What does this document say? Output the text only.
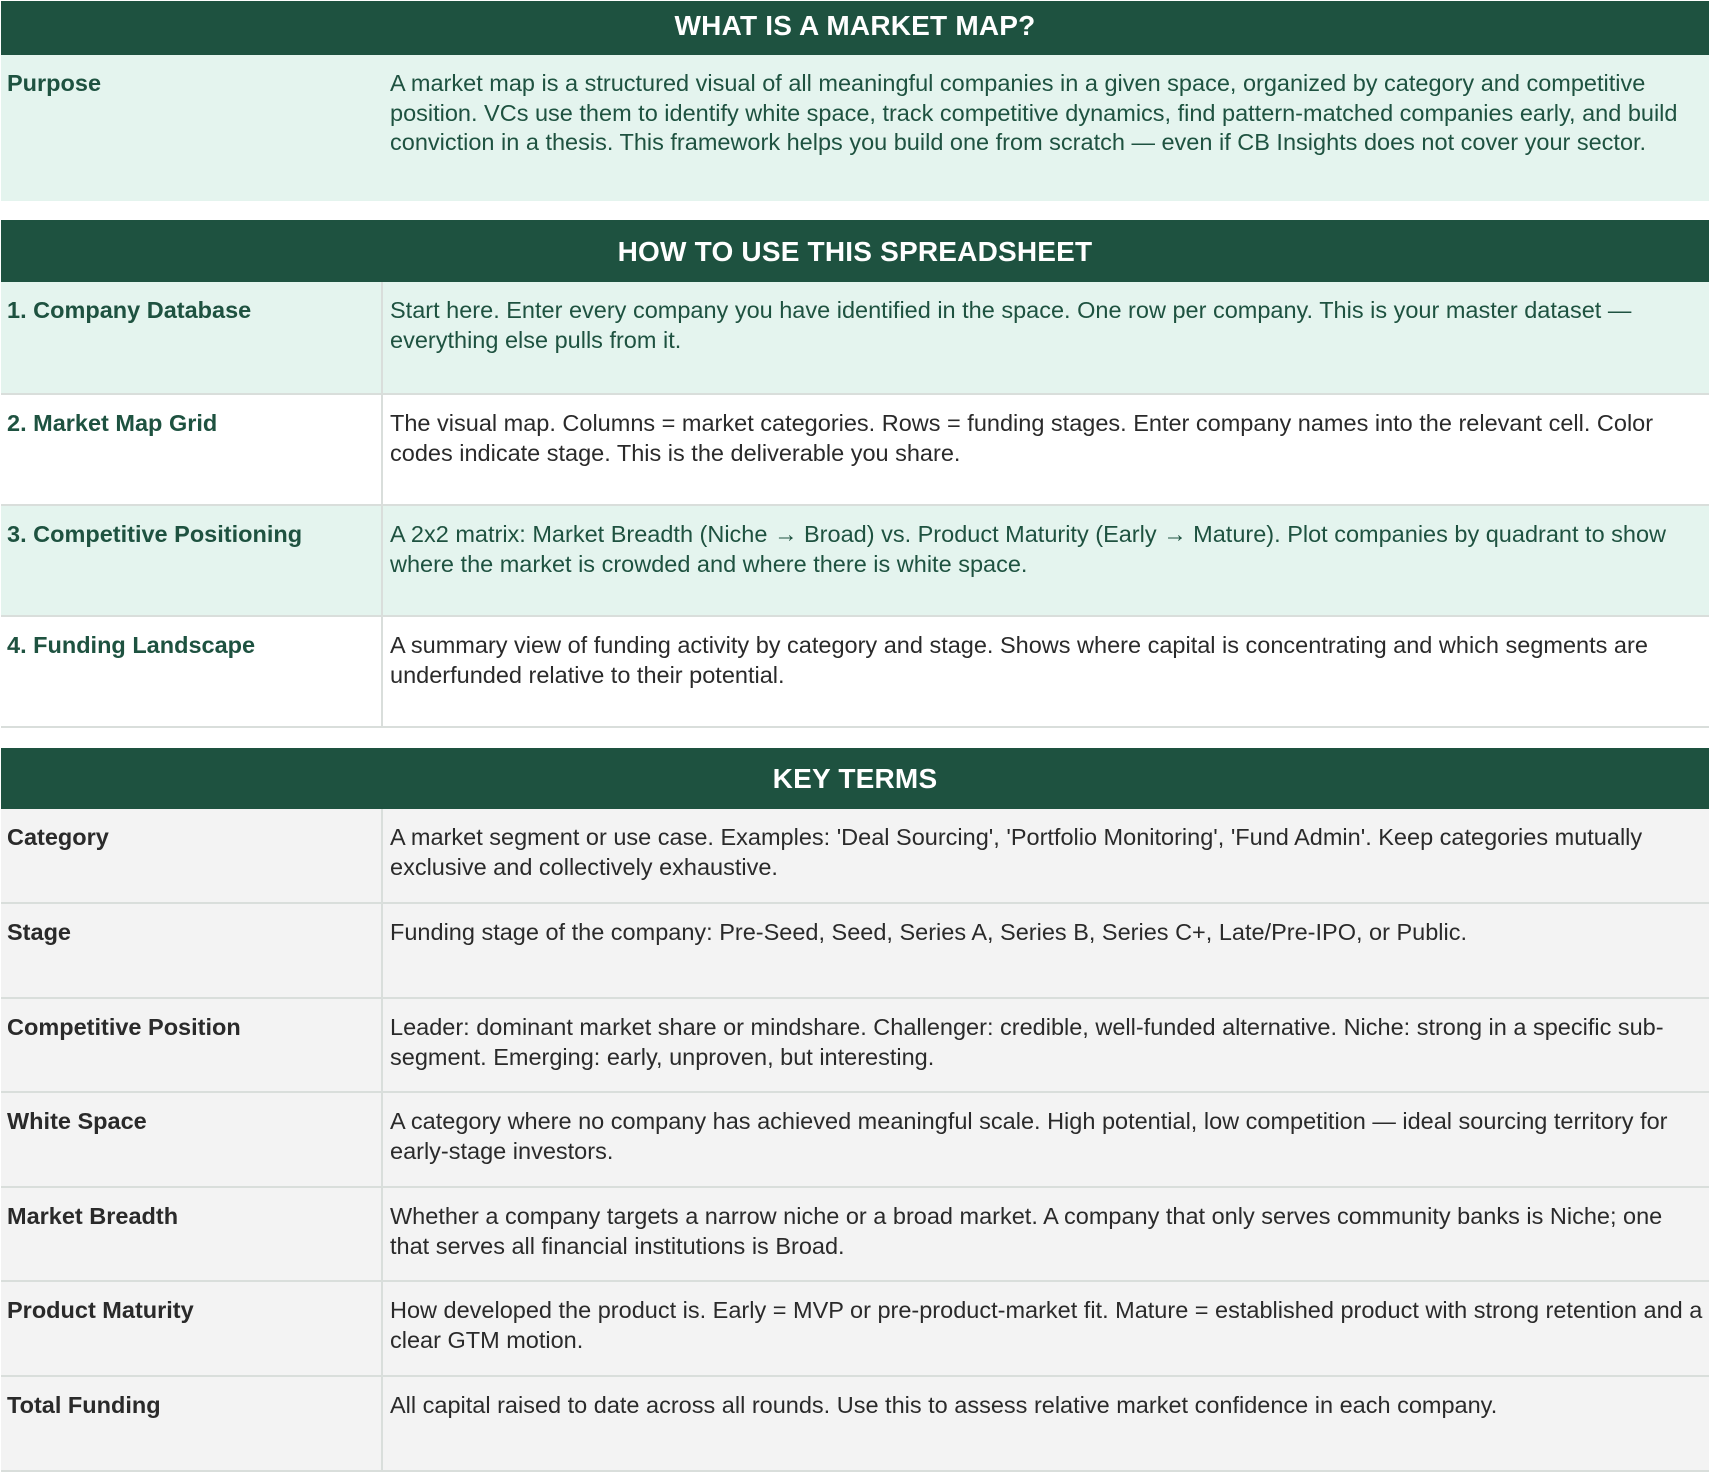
WHAT IS A MARKET MAP?
Purpose	A market map is a structured visual of all meaningful companies in a given space, organized by category and competitive position. VCs use them to identify white space, track competitive dynamics, find pattern-matched companies early, and build conviction in a thesis. This framework helps you build one from scratch — even if CB Insights does not cover your sector.
HOW TO USE THIS SPREADSHEET
1. Company Database	Start here. Enter every company you have identified in the space. One row per company. This is your master dataset — everything else pulls from it.
2. Market Map Grid	The visual map. Columns = market categories. Rows = funding stages. Enter company names into the relevant cell. Color codes indicate stage. This is the deliverable you share.
3. Competitive Positioning	A 2x2 matrix: Market Breadth (Niche → Broad) vs. Product Maturity (Early → Mature). Plot companies by quadrant to show where the market is crowded and where there is white space.
4. Funding Landscape	A summary view of funding activity by category and stage. Shows where capital is concentrating and which segments are underfunded relative to their potential.
KEY TERMS
Category	A market segment or use case. Examples: 'Deal Sourcing', 'Portfolio Monitoring', 'Fund Admin'. Keep categories mutually exclusive and collectively exhaustive.
Stage	Funding stage of the company: Pre-Seed, Seed, Series A, Series B, Series C+, Late/Pre-IPO, or Public.
Competitive Position	Leader: dominant market share or mindshare. Challenger: credible, well-funded alternative. Niche: strong in a specific sub-segment. Emerging: early, unproven, but interesting.
White Space	A category where no company has achieved meaningful scale. High potential, low competition — ideal sourcing territory for early-stage investors.
Market Breadth	Whether a company targets a narrow niche or a broad market. A company that only serves community banks is Niche; one that serves all financial institutions is Broad.
Product Maturity	How developed the product is. Early = MVP or pre-product-market fit. Mature = established product with strong retention and a clear GTM motion.
Total Funding	All capital raised to date across all rounds. Use this to assess relative market confidence in each company.
